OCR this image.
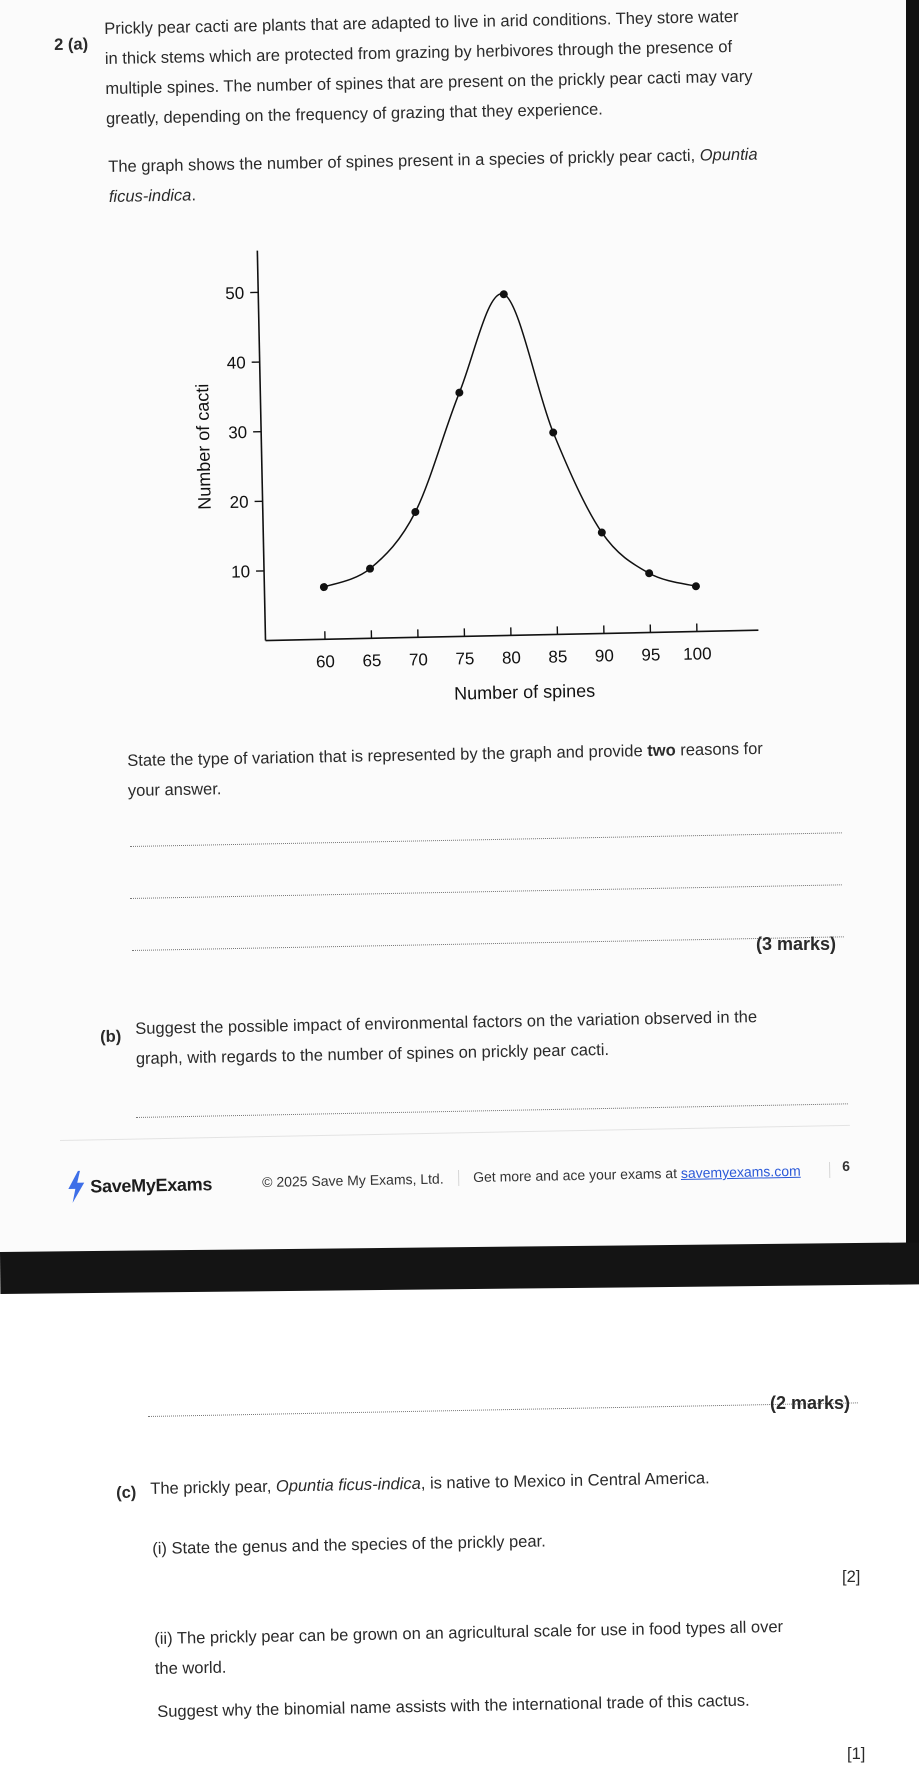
2 (a)
Prickly pear cacti are plants that are adapted to live in arid conditions. They store water
in thick stems which are protected from grazing by herbivores through the presence of
multiple spines. The number of spines that are present on the prickly pear cacti may vary
greatly, depending on the frequency of grazing that they experience.
The graph shows the number of spines present in a species of prickly pear cacti, Opuntia
ficus-indica.
10
20
30
40
50
60 65 70 75 80 85 90 95 100
Number of spines
Number of cacti
State the type of variation that is represented by the graph and provide two reasons for
your answer.
(3 marks)
(b) Suggest the possible impact of environmental factors on the variation observed in the
graph, with regards to the number of spines on prickly pear cacti.
SaveMyExams	© 2025 Save My Exams, Ltd. Get more and ace your exams at savemyexams.com	6
(2 marks)
(c) The prickly pear, Opuntia ficus-indica, is native to Mexico in Central America.
(i) State the genus and the species of the prickly pear.
[2]
(ii) The prickly pear can be grown on an agricultural scale for use in food types all over
the world.
Suggest why the binomial name assists with the international trade of this cactus.
[1]
